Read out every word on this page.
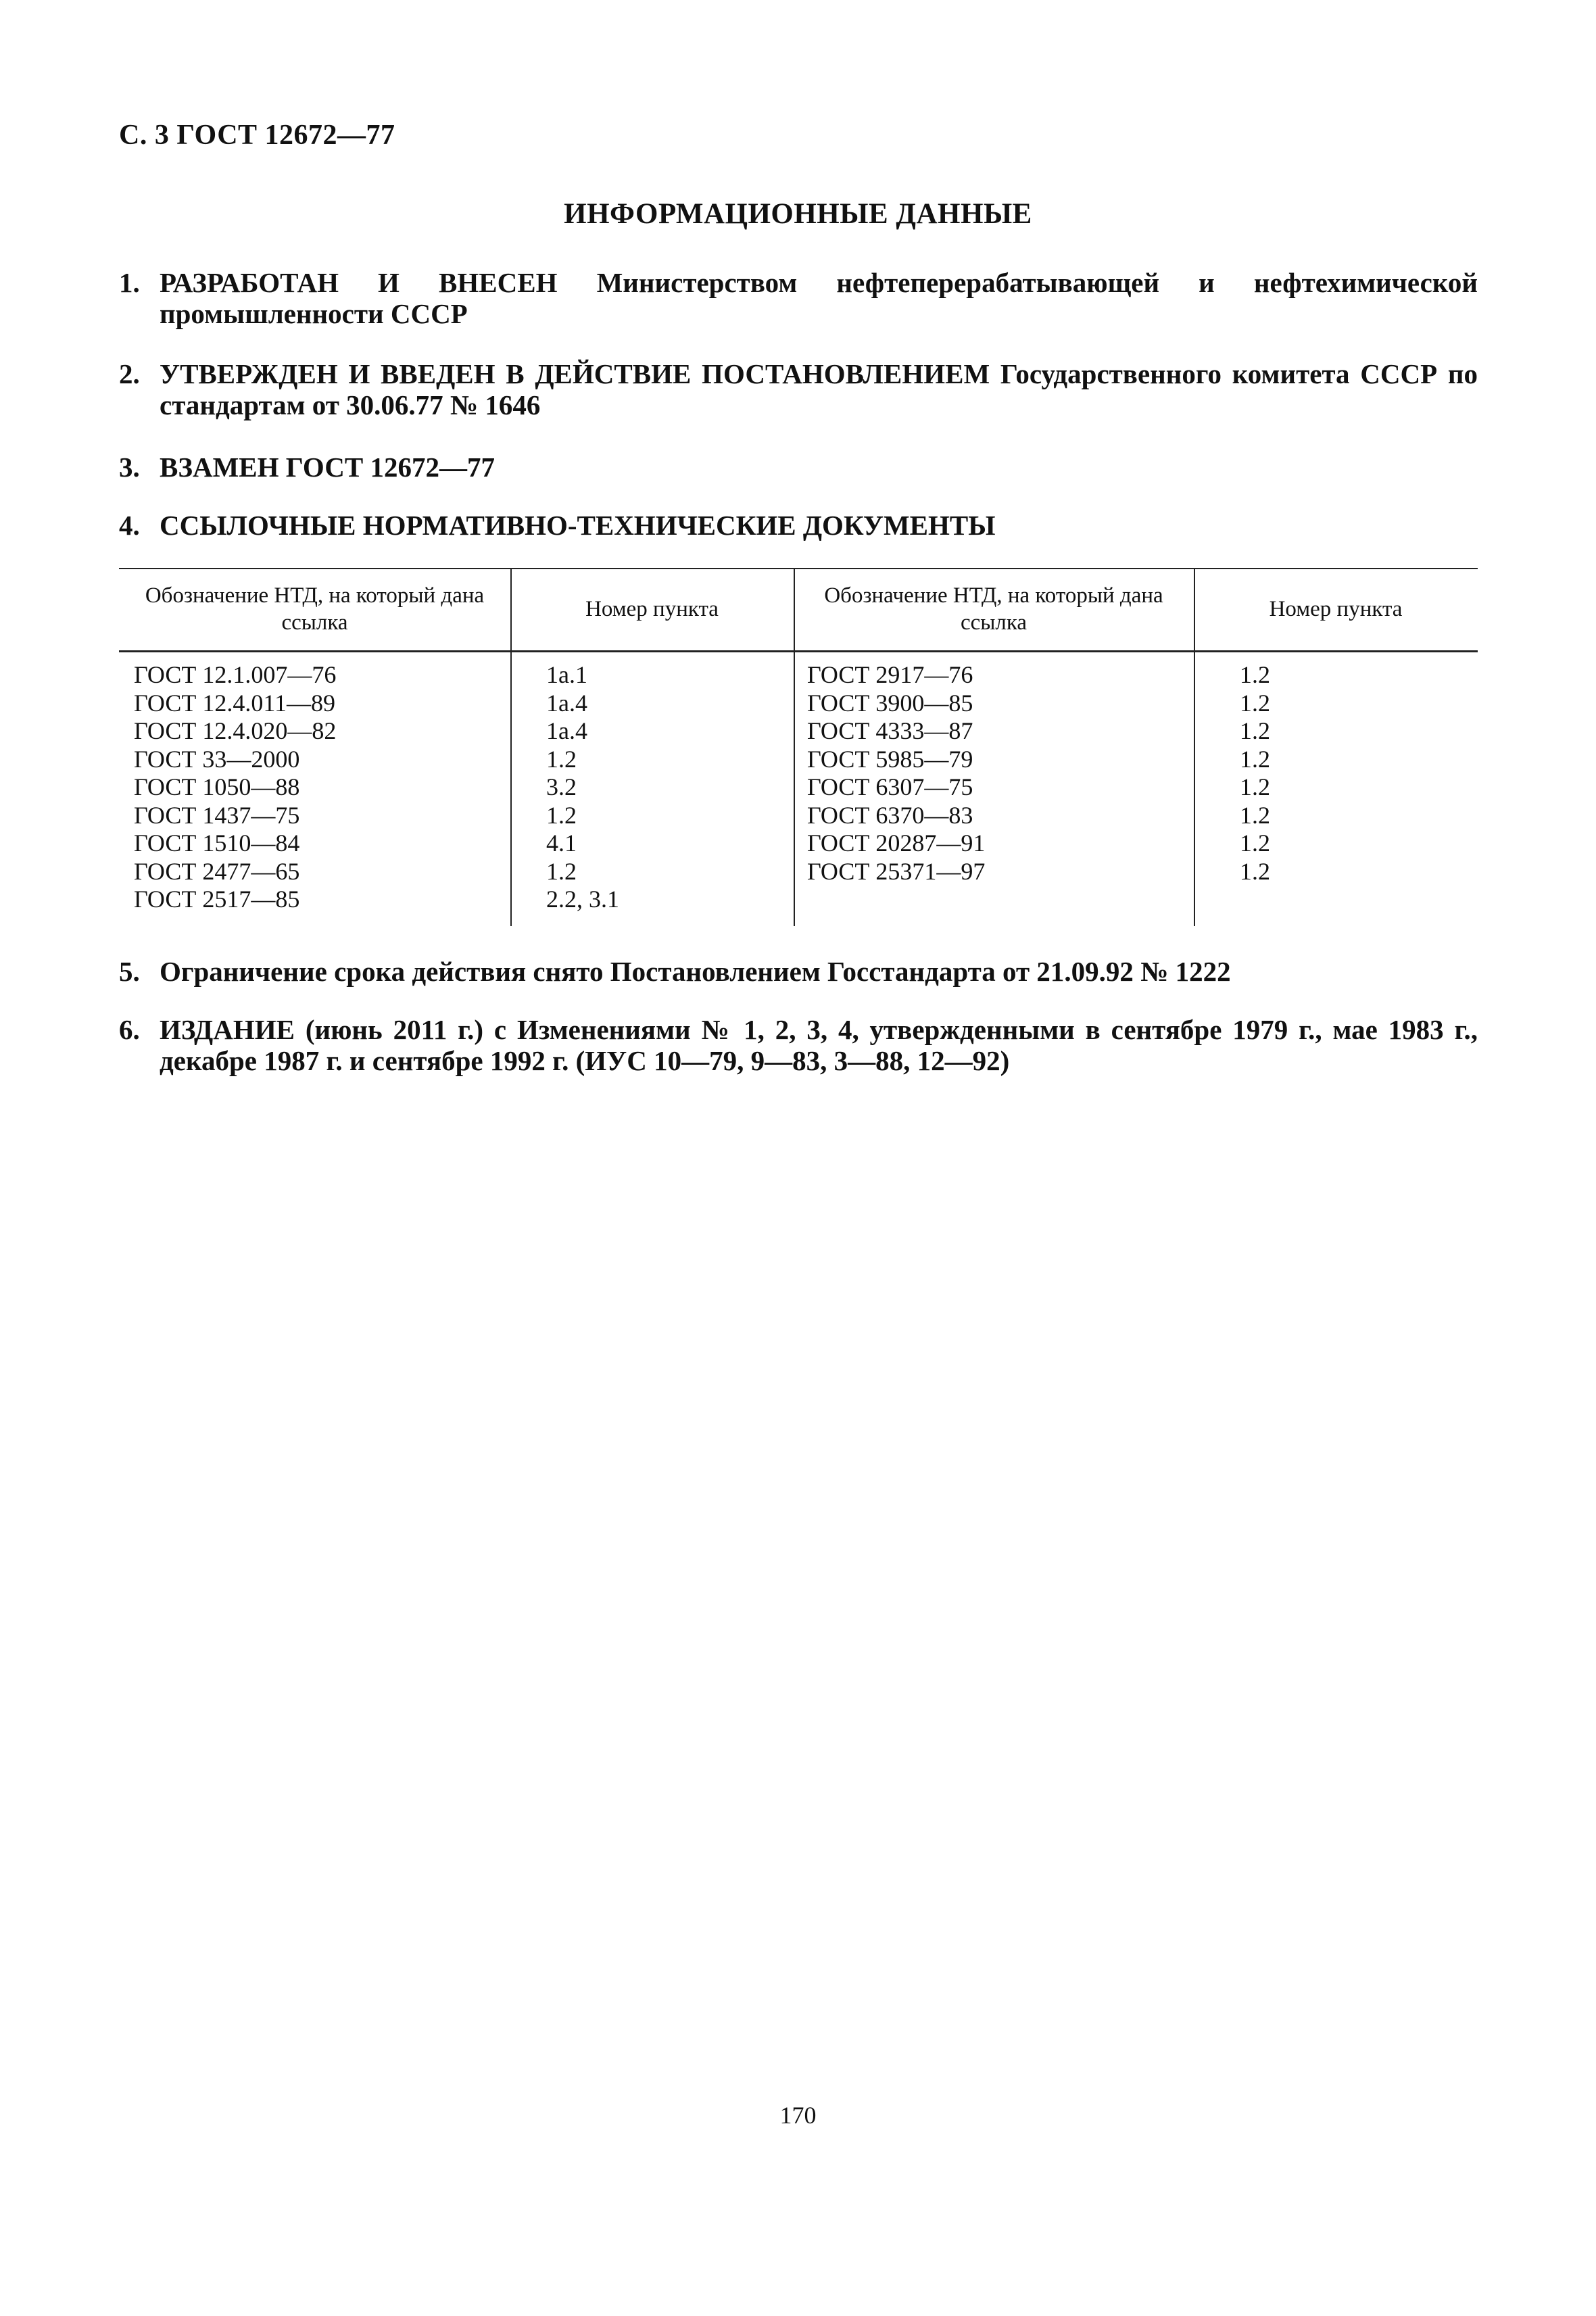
С. 3 ГОСТ 12672—77
ИНФОРМАЦИОННЫЕ ДАННЫЕ
1. РАЗРАБОТАН И ВНЕСЕН Министерством нефтеперерабатывающей и нефтехимической промышленности СССР
2. УТВЕРЖДЕН И ВВЕДЕН В ДЕЙСТВИЕ ПОСТАНОВЛЕНИЕМ Государственного комитета СССР по стандартам от 30.06.77 № 1646
3. ВЗАМЕН ГОСТ 12672—77
4. ССЫЛОЧНЫЕ НОРМАТИВНО-ТЕХНИЧЕСКИЕ ДОКУМЕНТЫ
Обозначение НТД, на который дана ссылка
Номер пункта
Обозначение НТД, на который дана ссылка
Номер пункта
ГОСТ 12.1.007—76
ГОСТ 12.4.011—89
ГОСТ 12.4.020—82
ГОСТ 33—2000
ГОСТ 1050—88
ГОСТ 1437—75
ГОСТ 1510—84
ГОСТ 2477—65
ГОСТ 2517—85
1а.1
1а.4
1а.4
1.2
3.2
1.2
4.1
1.2
2.2, 3.1
ГОСТ 2917—76
ГОСТ 3900—85
ГОСТ 4333—87
ГОСТ 5985—79
ГОСТ 6307—75
ГОСТ 6370—83
ГОСТ 20287—91
ГОСТ 25371—97
1.2
1.2
1.2
1.2
1.2
1.2
1.2
1.2
5. Ограничение срока действия снято Постановлением Госстандарта от 21.09.92 № 1222
6. ИЗДАНИЕ (июнь 2011 г.) с Изменениями № 1, 2, 3, 4, утвержденными в сентябре 1979 г., мае 1983 г., декабре 1987 г. и сентябре 1992 г. (ИУС 10—79, 9—83, 3—88, 12—92)
170
